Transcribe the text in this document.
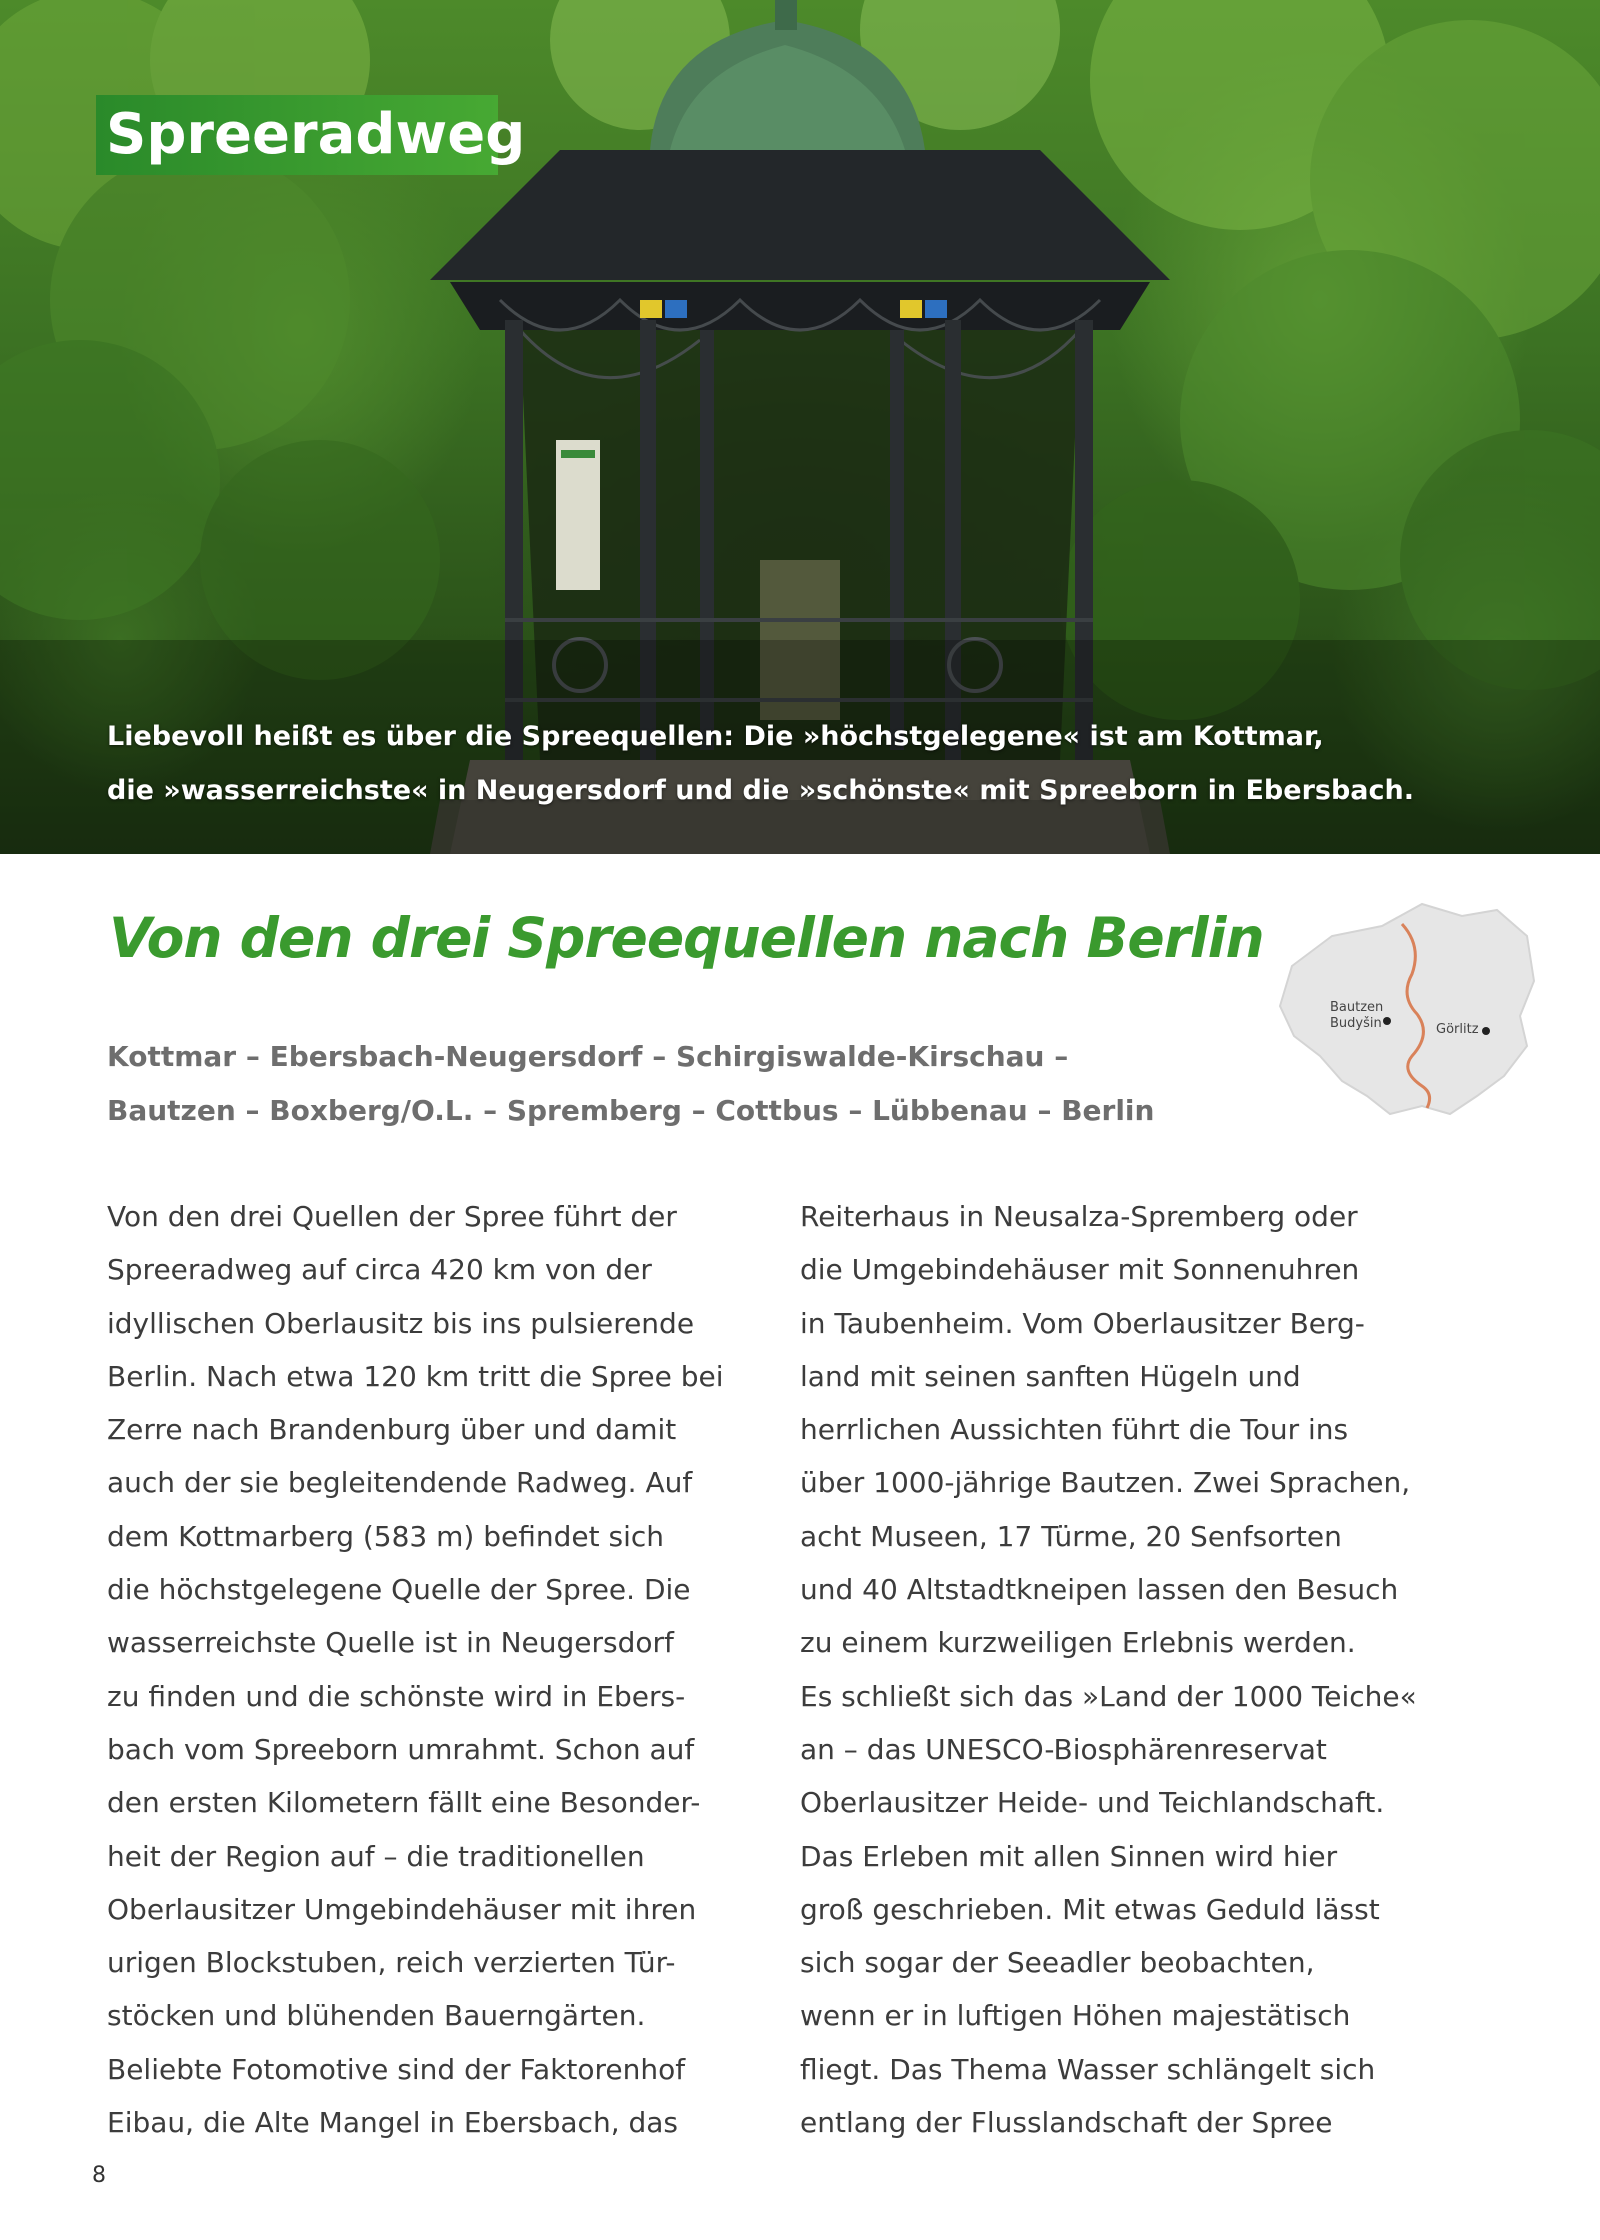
Spreeradweg
Liebevoll heißt es über die Spreequellen: Die »höchstgelegene« ist am Kottmar,
die »wasserreichste« in Neugersdorf und die »schönste« mit Spreeborn in Ebersbach.
Von den drei Spreequellen nach Berlin
Kottmar – Ebersbach-Neugersdorf – Schirgiswalde-Kirschau –
Bautzen – Boxberg/O.L. – Spremberg – Cottbus – Lübbenau – Berlin
Bautzen
Budyšin	Görlitz
Von den drei Quellen der Spree führt der
Spreeradweg auf circa 420 km von der
idyllischen Oberlausitz bis ins pulsierende
Berlin. Nach etwa 120 km tritt die Spree bei
Zerre nach Brandenburg über und damit
auch der sie begleitendende Radweg. Auf
dem Kottmarberg (583 m) befindet sich
die höchstgelegene Quelle der Spree. Die
wasserreichste Quelle ist in Neugersdorf
zu finden und die schönste wird in Ebers-
bach vom Spreeborn umrahmt. Schon auf
den ersten Kilometern fällt eine Besonder-
heit der Region auf – die traditionellen
Oberlausitzer Umgebindehäuser mit ihren
urigen Blockstuben, reich verzierten Tür-
stöcken und blühenden Bauerngärten.
Beliebte Fotomotive sind der Faktorenhof
Eibau, die Alte Mangel in Ebersbach, das
Reiterhaus in Neusalza-Spremberg oder
die Umgebindehäuser mit Sonnenuhren
in Taubenheim. Vom Oberlausitzer Berg-
land mit seinen sanften Hügeln und
herrlichen Aussichten führt die Tour ins
über 1000-jährige Bautzen. Zwei Sprachen,
acht Museen, 17 Türme, 20 Senfsorten
und 40 Altstadtkneipen lassen den Besuch
zu einem kurzweiligen Erlebnis werden.
Es schließt sich das »Land der 1000 Teiche«
an – das UNESCO-Biosphärenreservat
Oberlausitzer Heide- und Teichlandschaft.
Das Erleben mit allen Sinnen wird hier
groß geschrieben. Mit etwas Geduld lässt
sich sogar der Seeadler beobachten,
wenn er in luftigen Höhen majestätisch
fliegt. Das Thema Wasser schlängelt sich
entlang der Flusslandschaft der Spree
8
